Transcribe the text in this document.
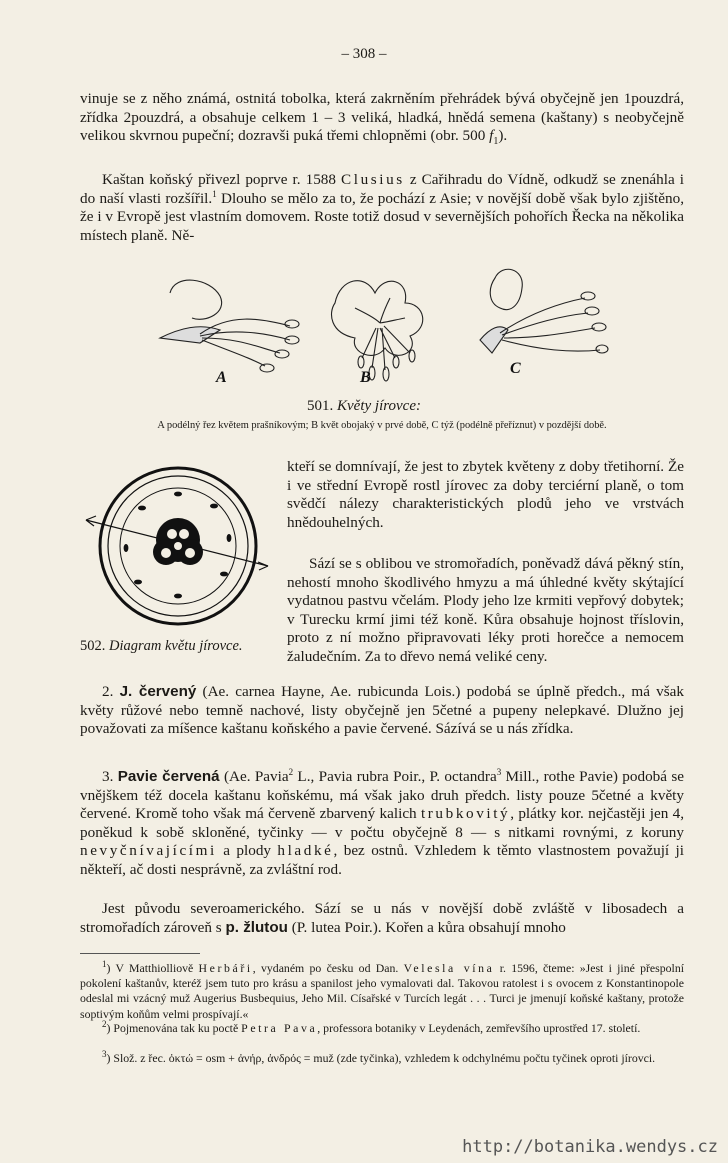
– 308 –

vinuje se z něho známá, ostnitá tobolka, která zakrněním přehrádek bývá obyčejně jen 1pouzdrá, zřídka 2pouzdrá, a obsahuje celkem 1 – 3 veliká, hladká, hnědá semena (kaštany) s neobyčejně velikou skvrnou pupeční; dozravši puká třemi chlopněmi (obr. 500 $f_1$).

Kaštan koňský přivezl poprve r. 1588 Clusius z Cařihradu do Vídně, odkudž se znenáhla i do naší vlasti rozšířil.$^1$ Dlouho se mělo za to, že pochází z Asie; v novější době však bylo zjištěno, že i v Evropě jest vlastním domovem. Roste totiž dosud v severnějších pohořích Řecka na několika místech planě. Ně-

A	B
C
501. Květy jírovce:
A podélný řez květem prašníkovým; B květ obojaký v prvé době, C týž (podélně přeříznut) v pozdější době.
502. Diagram květu jírovce.

kteří se domnívají, že jest to zbytek květeny z doby třetihorní. Že i ve střední Evropě rostl jírovec za doby terciérní planě, o tom svědčí nálezy charakteristických plodů jeho ve vrstvách hnědouhelných.

Sází se s oblibou ve stromořadích, poněvadž dává pěkný stín, nehostí mnoho škodlivého hmyzu a má úhledné květy skýtající vydatnou pastvu včelám. Plody jeho lze krmiti vepřový dobytek; v Turecku krmí jimi též koně. Kůra obsahuje hojnost tříslovin, proto z ní možno připravovati léky proti horečce a nemocem žaludečním. Za to dřevo nemá veliké ceny.

2. J. červený (Ae. carnea Hayne, Ae. rubicunda Lois.) podobá se úplně předch., má však květy růžové nebo temně nachové, listy obyčejně jen 5četné a pupeny nelepkavé. Dlužno jej považovati za míšence kaštanu koňského a pavie červené. Sázívá se u nás zřídka.

3. Pavie červená (Ae. Pavia$^2$ L., Pavia rubra Poir., P. octandra$^3$ Mill., rothe Pavie) podobá se vnějškem též docela kaštanu koňskému, má však jako druh předch. listy pouze 5četné a květy červené. Kromě toho však má červeně zbarvený kalich trubkovitý, plátky kor. nejčastěji jen 4, poněkud k sobě skloněné, tyčinky — v počtu obyčejně 8 — s nitkami rovnými, z koruny nevyčnívajícími a plody hladké, bez ostnů. Vzhledem k těmto vlastnostem považují ji někteří, ač dosti nesprávně, za zvláštní rod.

Jest původu severoamerického. Sází se u nás v novější době zvláště v libosadech a stromořadích zároveň s p. žlutou (P. lutea Poir.). Kořen a kůra obsahují mnoho

$^1$) V Matthiolliově Herbáři, vydaném po česku od Dan. Velesla vína r. 1596, čteme: »Jest i jiné přespolní pokolení kaštanův, kteréž jsem tuto pro krásu a spanilost jeho vymalovati dal. Takovou ratolest i s ovocem z Konstantinopole odeslal mi vzácný muž Augerius Busbequius, Jeho Mil. Císařské v Turcích legát . . . Turci je jmenují koňské kaštany, protože soptivým koňům velmi prospívají.«

$^2$) Pojmenována tak ku poctě Petra Pava, professora botaniky v Leydenách, zemřevšího uprostřed 17. století.

$^3$) Slož. z řec. ὀκτώ = osm + ἀνήρ, ἀνδρός = muž (zde tyčinka), vzhledem k odchylnému počtu tyčinek oproti jírovci.

http://botanika.wendys.cz
